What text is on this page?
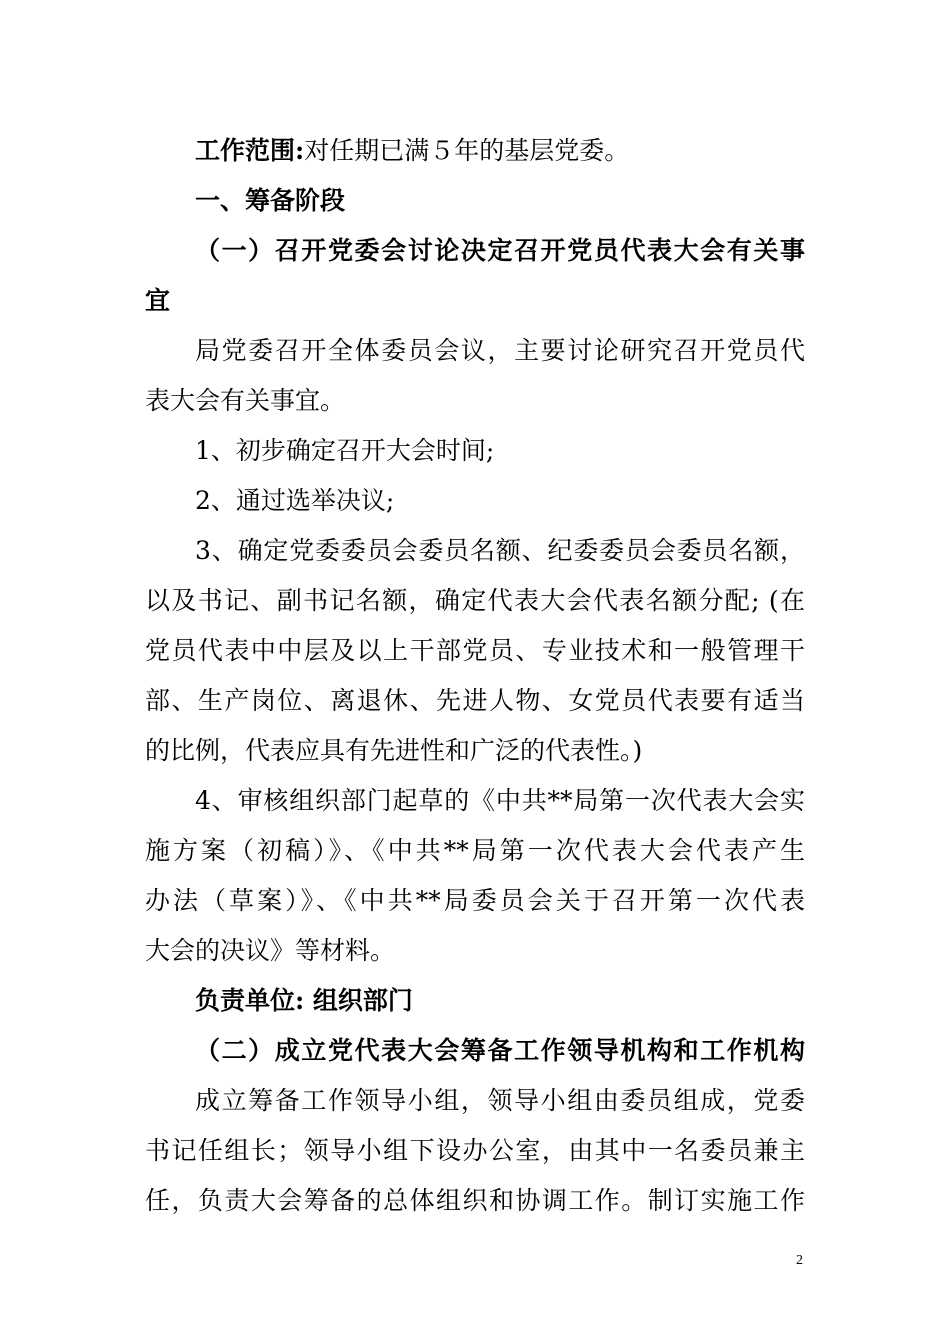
工作范围:对任期已满５年的基层党委。
一、筹备阶段
（一）召开党委会讨论决定召开党员代表大会有关事
宜
局党委召开全体委员会议，主要讨论研究召开党员代
表大会有关事宜。
1、初步确定召开大会时间;
2、通过选举决议;
3、确定党委委员会委员名额、纪委委员会委员名额，
以及书记、副书记名额，确定代表大会代表名额分配; (在
党员代表中中层及以上干部党员、专业技术和一般管理干
部、生产岗位、离退休、先进人物、女党员代表要有适当
的比例，代表应具有先进性和广泛的代表性。)
4、审核组织部门起草的《中共**局第一次代表大会实
施方案（初稿）》、《中共**局第一次代表大会代表产生
办法（草案）》、《中共**局委员会关于召开第一次代表
大会的决议》等材料。
负责单位: 组织部门
（二）成立党代表大会筹备工作领导机构和工作机构
成立筹备工作领导小组，领导小组由委员组成，党委
书记任组长；领导小组下设办公室，由其中一名委员兼主
任，负责大会筹备的总体组织和协调工作。制订实施工作
2
